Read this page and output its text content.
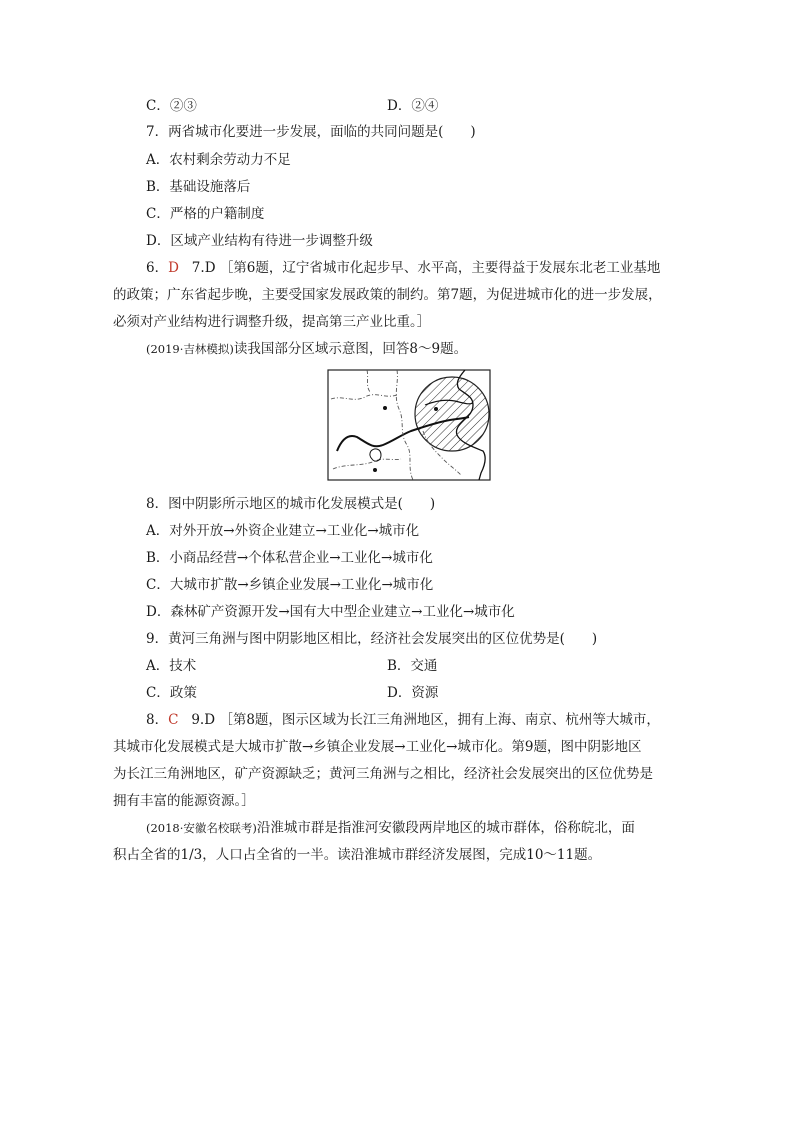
C．②③	D．②④
7．两省城市化要进一步发展，面临的共同问题是(　　)
A．农村剩余劳动力不足
B．基础设施落后
C．严格的户籍制度
D．区域产业结构有待进一步调整升级
6．D 7.D ［第6题，辽宁省城市化起步早、水平高，主要得益于发展东北老工业基地
的政策；广东省起步晚，主要受国家发展政策的制约。第7题，为促进城市化的进一步发展，
必须对产业结构进行调整升级，提高第三产业比重。］
(2019·吉林模拟)读我国部分区域示意图，回答8～9题。
8．图中阴影所示地区的城市化发展模式是(　　)
A．对外开放→外资企业建立→工业化→城市化
B．小商品经营→个体私营企业→工业化→城市化
C．大城市扩散→乡镇企业发展→工业化→城市化
D．森林矿产资源开发→国有大中型企业建立→工业化→城市化
9．黄河三角洲与图中阴影地区相比，经济社会发展突出的区位优势是(　　)
A．技术	B．交通
C．政策	D．资源
8．C 9.D ［第8题，图示区域为长江三角洲地区，拥有上海、南京、杭州等大城市，
其城市化发展模式是大城市扩散→乡镇企业发展→工业化→城市化。第9题，图中阴影地区
为长江三角洲地区，矿产资源缺乏；黄河三角洲与之相比，经济社会发展突出的区位优势是
拥有丰富的能源资源。］
(2018·安徽名校联考)沿淮城市群是指淮河安徽段两岸地区的城市群体，俗称皖北，面
积占全省的1/3，人口占全省的一半。读沿淮城市群经济发展图，完成10～11题。
